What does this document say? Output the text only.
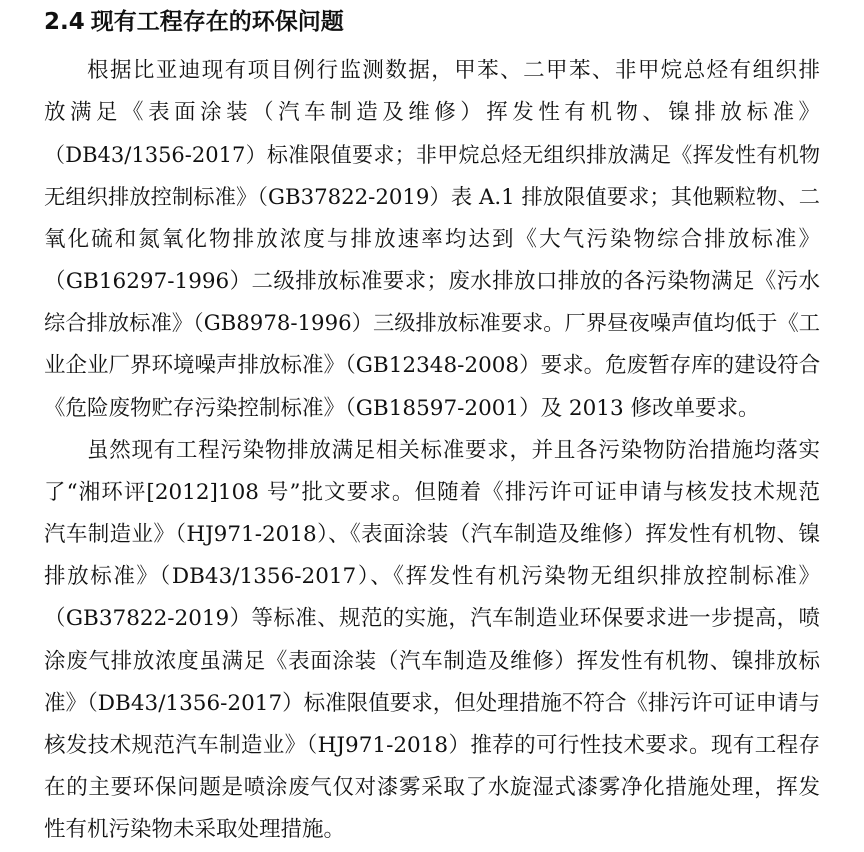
2.4 现有工程存在的环保问题
根据比亚迪现有项目例行监测数据，甲苯、二甲苯、非甲烷总烃有组织排
放满足《表面涂装（汽车制造及维修）挥发性有机物、镍排放标准》
（DB43/1356-2017）标准限值要求；非甲烷总烃无组织排放满足《挥发性有机物
无组织排放控制标准》（GB37822-2019）表 A.1 排放限值要求；其他颗粒物、二
氧化硫和氮氧化物排放浓度与排放速率均达到《大气污染物综合排放标准》
（GB16297-1996）二级排放标准要求；废水排放口排放的各污染物满足《污水
综合排放标准》（GB8978-1996）三级排放标准要求。厂界昼夜噪声值均低于《工
业企业厂界环境噪声排放标准》（GB12348-2008）要求。危废暂存库的建设符合
《危险废物贮存污染控制标准》（GB18597-2001）及 2013 修改单要求。
虽然现有工程污染物排放满足相关标准要求，并且各污染物防治措施均落实
了“湘环评[2012]108 号”批文要求。但随着《排污许可证申请与核发技术规范
汽车制造业》（HJ971-2018）、《表面涂装（汽车制造及维修）挥发性有机物、镍
排放标准》（DB43/1356-2017）、《挥发性有机污染物无组织排放控制标准》
（GB37822-2019）等标准、规范的实施，汽车制造业环保要求进一步提高，喷
涂废气排放浓度虽满足《表面涂装（汽车制造及维修）挥发性有机物、镍排放标
准》（DB43/1356-2017）标准限值要求，但处理措施不符合《排污许可证申请与
核发技术规范汽车制造业》（HJ971-2018）推荐的可行性技术要求。现有工程存
在的主要环保问题是喷涂废气仅对漆雾采取了水旋湿式漆雾净化措施处理，挥发
性有机污染物未采取处理措施。
